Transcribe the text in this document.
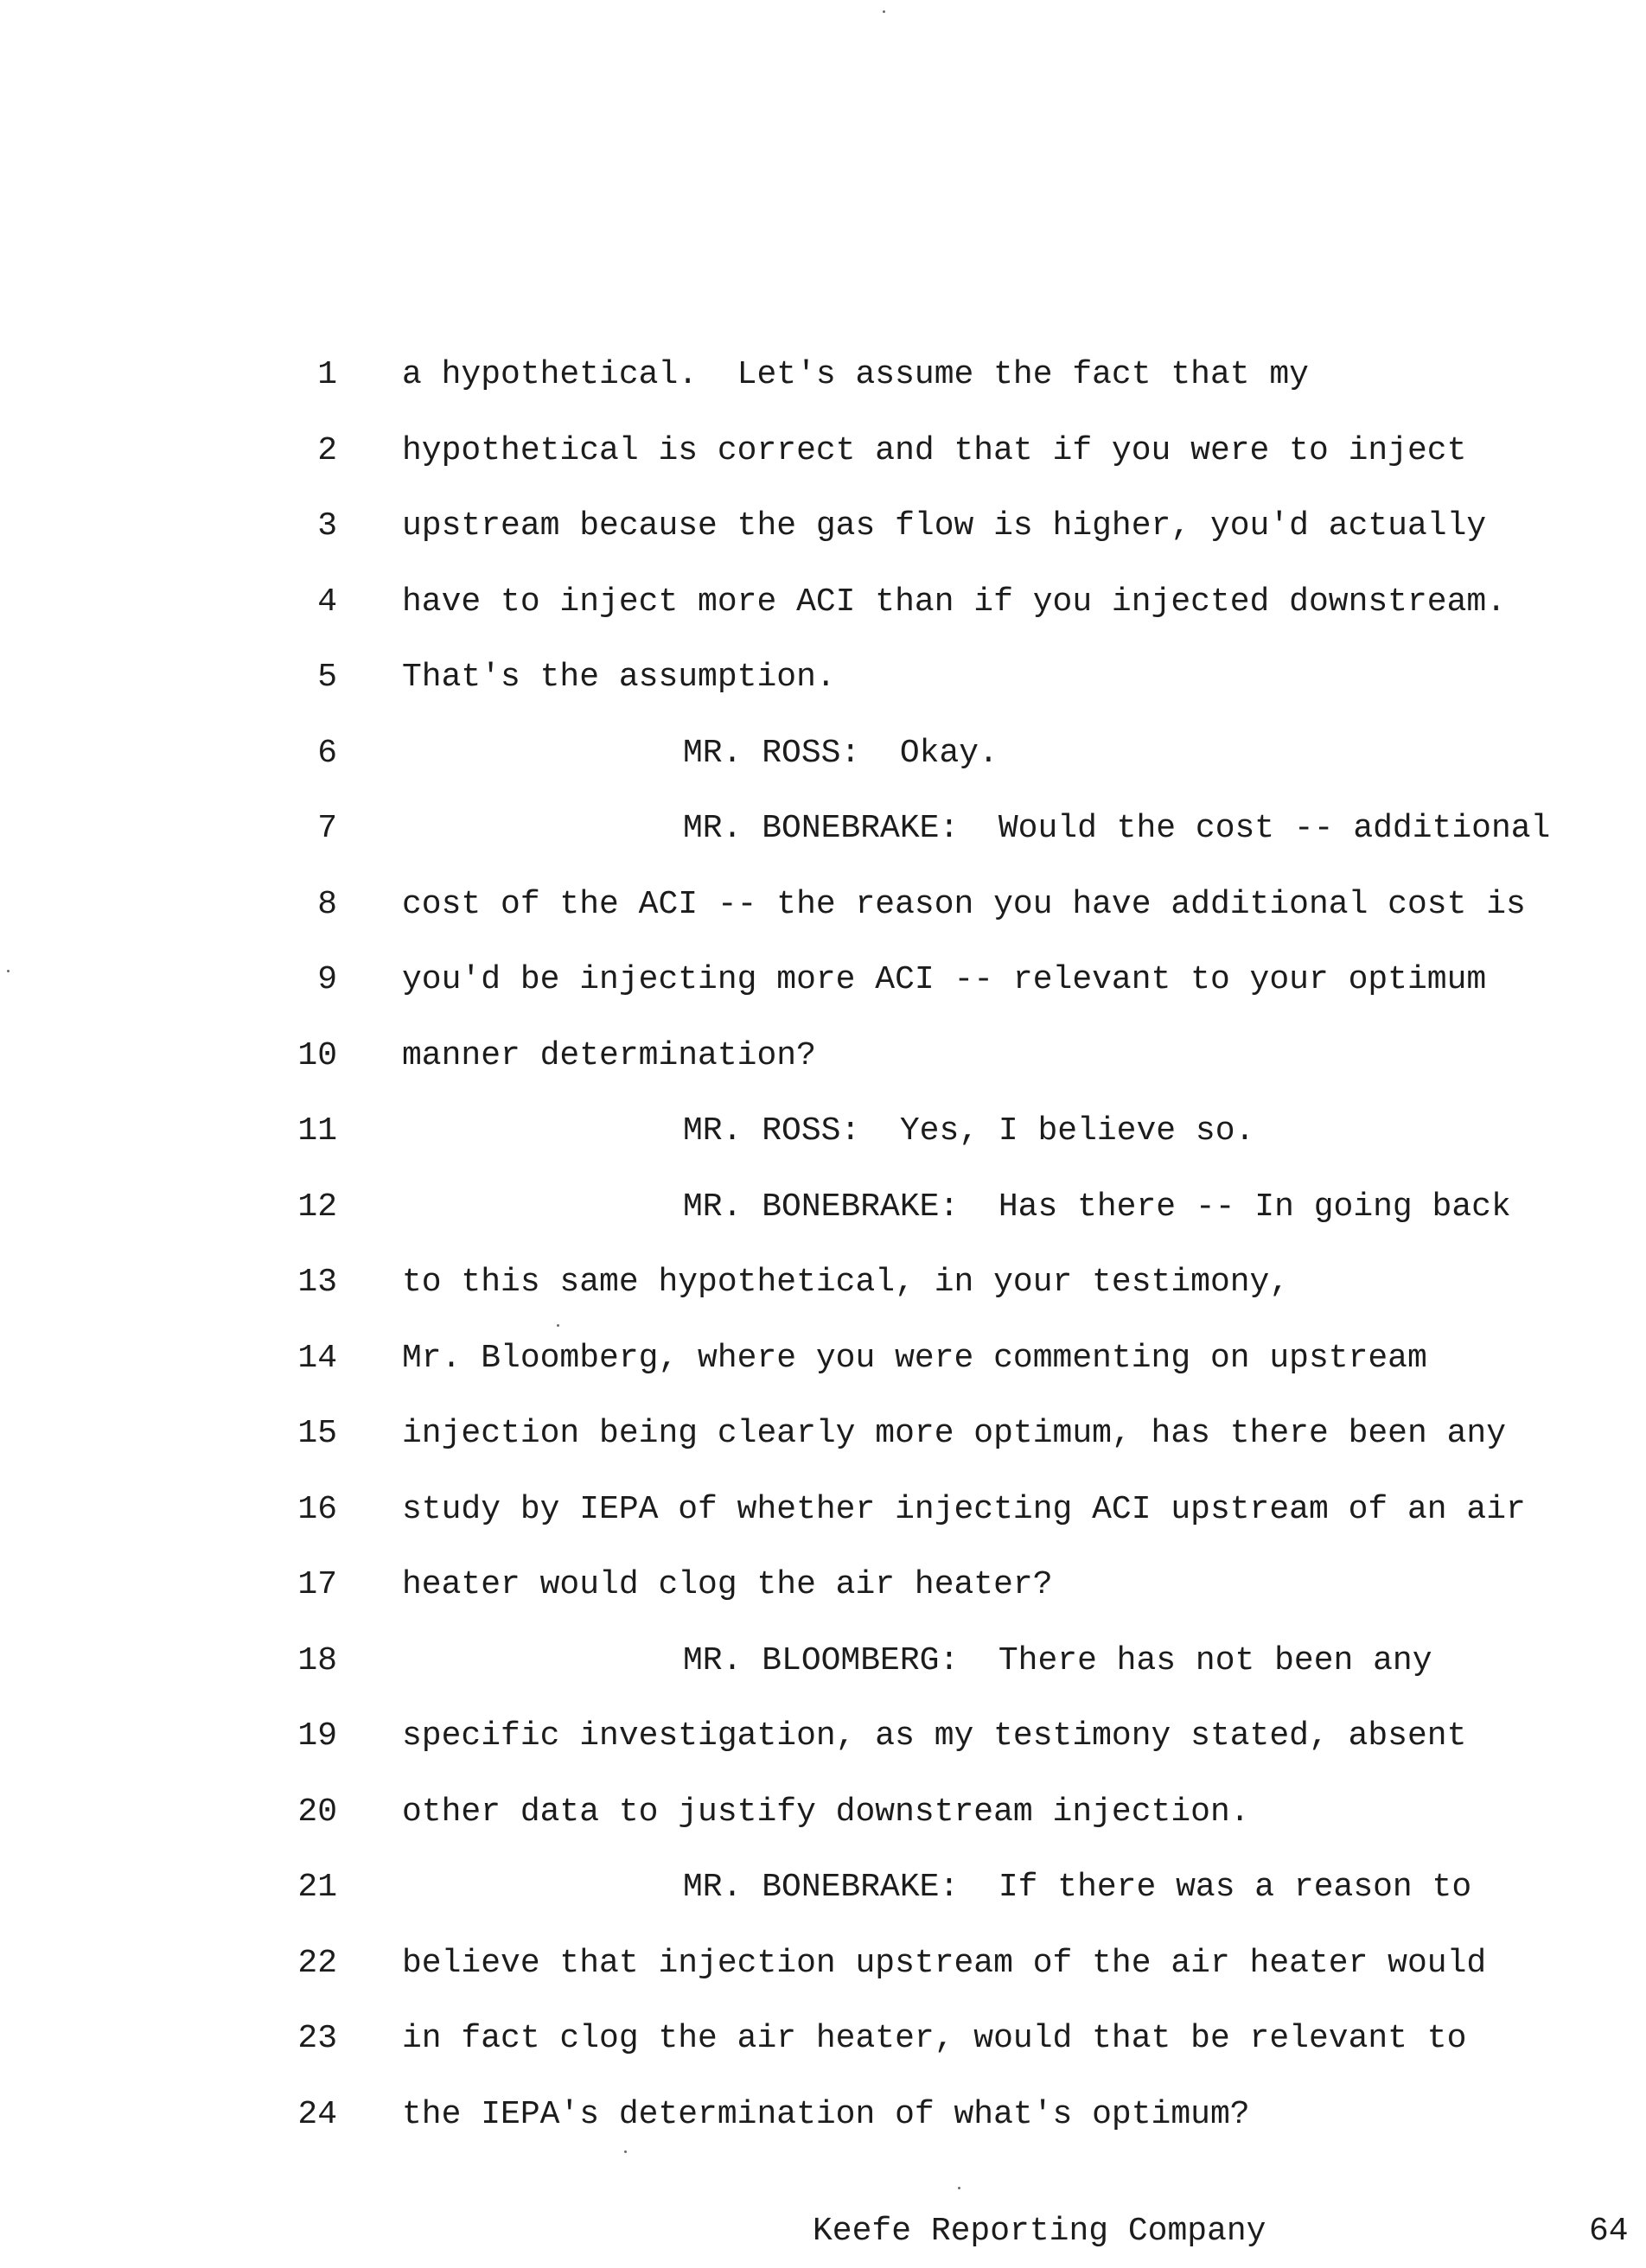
1 a hypothetical.  Let's assume the fact that my
2 hypothetical is correct and that if you were to inject
3 upstream because the gas flow is higher, you'd actually
4 have to inject more ACI than if you injected downstream.
5 That's the assumption.
6	MR. ROSS:  Okay.
7	MR. BONEBRAKE:  Would the cost -- additional
8 cost of the ACI -- the reason you have additional cost is
9 you'd be injecting more ACI -- relevant to your optimum
10 manner determination?
11	MR. ROSS:  Yes, I believe so.
12	MR. BONEBRAKE:  Has there -- In going back
13 to this same hypothetical, in your testimony,
14 Mr. Bloomberg, where you were commenting on upstream
15 injection being clearly more optimum, has there been any
16 study by IEPA of whether injecting ACI upstream of an air
17 heater would clog the air heater?
18	MR. BLOOMBERG:  There has not been any
19 specific investigation, as my testimony stated, absent
20 other data to justify downstream injection.
21	MR. BONEBRAKE:  If there was a reason to
22 believe that injection upstream of the air heater would
23 in fact clog the air heater, would that be relevant to
24 the IEPA's determination of what's optimum?
Keefe Reporting Company	64
